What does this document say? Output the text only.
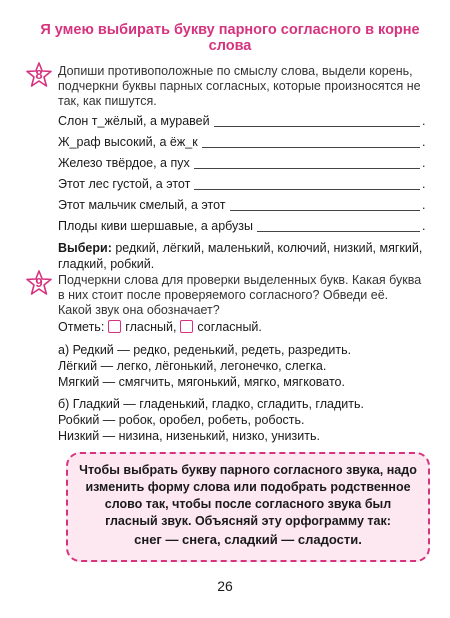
Я умею выбирать букву парного согласного в корне слова
8	Допиши противоположные по смыслу слова, выдели корень, подчеркни буквы парных согласных, которые произносятся не так, как пишутся.
Слон т_жёлый, а муравей	.
Ж_раф высокий, а ёж_к	.
Железо твёрдое, а пух	.
Этот лес густой, а этот	.
Этот мальчик смелый, а этот	.
Плоды киви шершавые, а арбузы	.
Выбери: редкий, лёгкий, маленький, колючий, низкий, мягкий, гладкий, робкий.
9	Подчеркни слова для проверки выделенных букв. Какая буква в них стоит после проверяемого согласного? Обведи её. Какой звук она обозначает?
Отметь: гласный, согласный.
а) Редкий — редко, реденький, редеть, разредить.
Лёгкий — легко, лёгонький, легонечко, слегка.
Мягкий — смягчить, мягонький, мягко, мягковато.
б) Гладкий — гладенький, гладко, сгладить, гладить.
Робкий — робок, оробел, робеть, робость.
Низкий — низина, низенький, низко, унизить.
Чтобы выбрать букву парного согласного звука, надо изменить форму слова или подобрать родственное слово так, чтобы после согласного звука был гласный звук. Объясняй эту орфограмму так:
снег — снега, сладкий — сладости.
26
